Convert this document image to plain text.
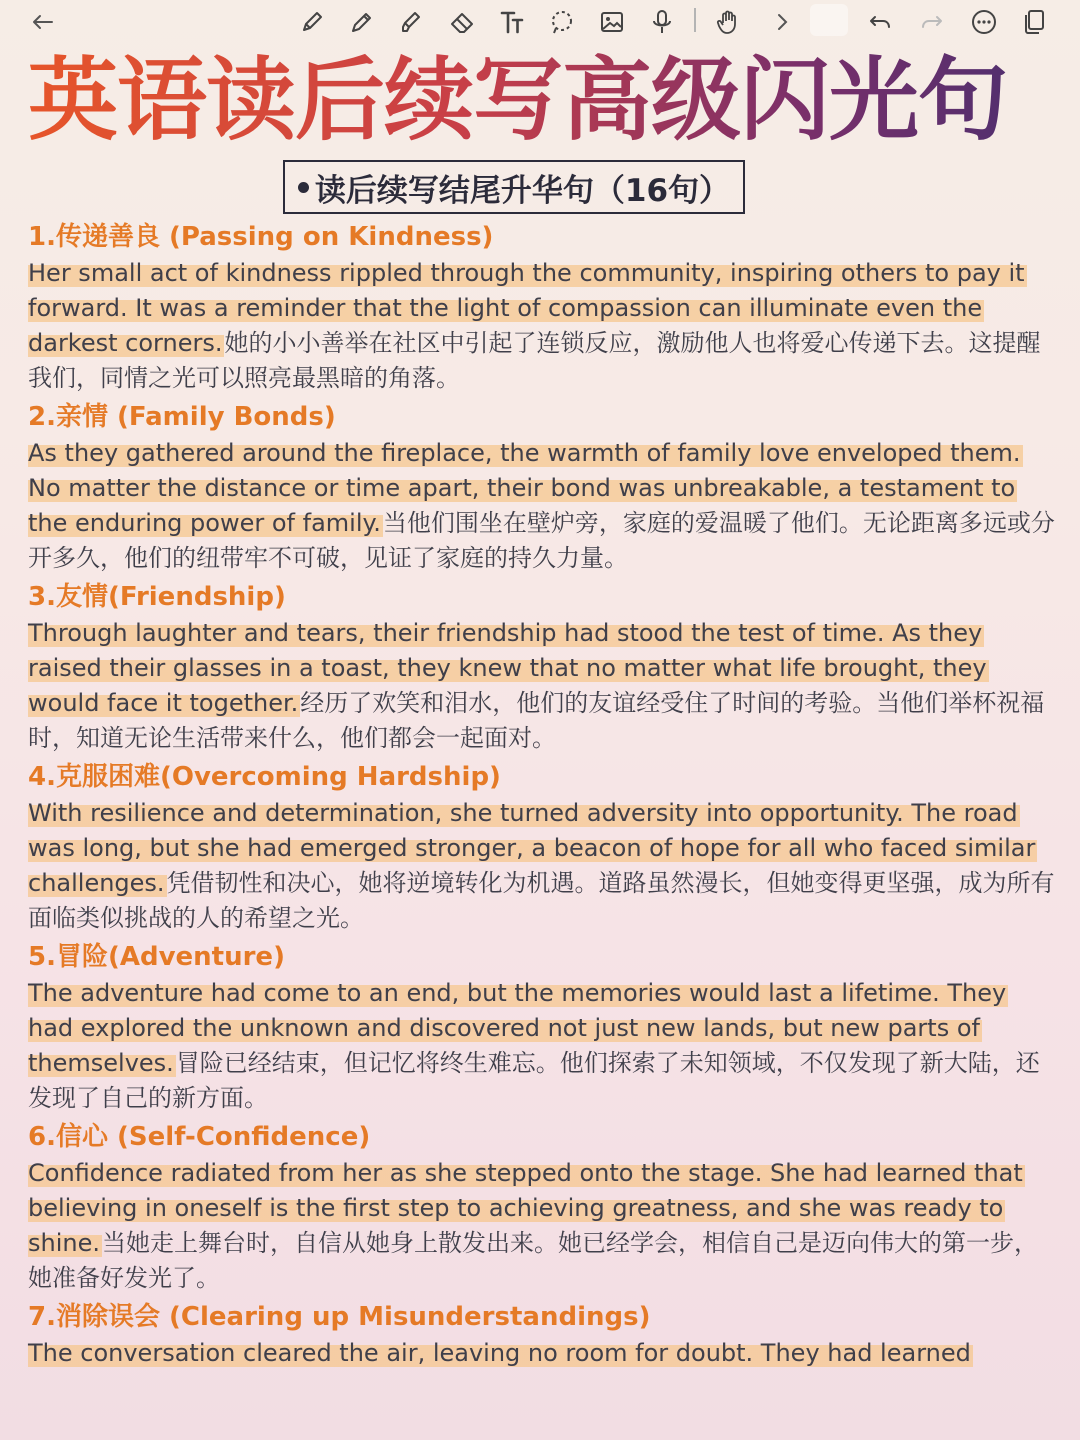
英语读后续写高级闪光句
读后续写结尾升华句（16句）
1.传递善良 (Passing on Kindness)

Her small act of kindness rippled through the community, inspiring others to pay it forward. It was a reminder that the light of compassion can illuminate even the darkest corners.她的小小善举在社区中引起了连锁反应，激励他人也将爱心传递下去。这提醒我们，同情之光可以照亮最黑暗的角落。

2.亲情 (Family Bonds)

As they gathered around the fireplace, the warmth of family love enveloped them. No matter the distance or time apart, their bond was unbreakable, a testament to the enduring power of family.当他们围坐在壁炉旁，家庭的爱温暖了他们。无论距离多远或分开多久，他们的纽带牢不可破，见证了家庭的持久力量。

3.友情(Friendship)

Through laughter and tears, their friendship had stood the test of time. As they raised their glasses in a toast, they knew that no matter what life brought, they would face it together.经历了欢笑和泪水，他们的友谊经受住了时间的考验。当他们举杯祝福时，知道无论生活带来什么，他们都会一起面对。

4.克服困难(Overcoming Hardship)

With resilience and determination, she turned adversity into opportunity. The road was long, but she had emerged stronger, a beacon of hope for all who faced similar challenges.凭借韧性和决心，她将逆境转化为机遇。道路虽然漫长，但她变得更坚强，成为所有面临类似挑战的人的希望之光。

5.冒险(Adventure)

The adventure had come to an end, but the memories would last a lifetime. They had explored the unknown and discovered not just new lands, but new parts of themselves.冒险已经结束，但记忆将终生难忘。他们探索了未知领域，不仅发现了新大陆，还发现了自己的新方面。

6.信心 (Self-Confidence)

Confidence radiated from her as she stepped onto the stage. She had learned that believing in oneself is the first step to achieving greatness, and she was ready to shine.当她走上舞台时，自信从她身上散发出来。她已经学会，相信自己是迈向伟大的第一步，她准备好发光了。

7.消除误会 (Clearing up Misunderstandings)

The conversation cleared the air, leaving no room for doubt. They had learned
